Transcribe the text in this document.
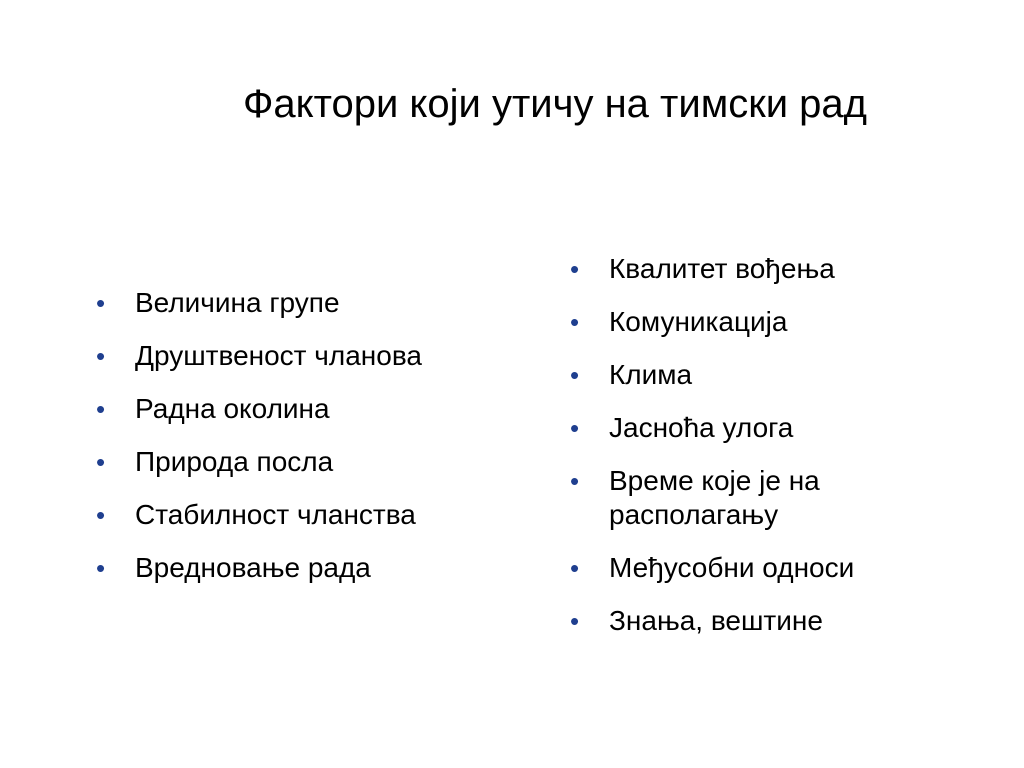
Фактори који утичу на тимски рад
•	Величина групе
•	Друштвеност чланова
•	Радна околина
•	Природа посла
•	Стабилност чланства
•	Вредновање рада
•	Квалитет вођења
•	Комуникација
•	Клима
•	Јасноћа улога
•	Време које је на располагању
•	Међусобни односи
•	Знања, вештине
